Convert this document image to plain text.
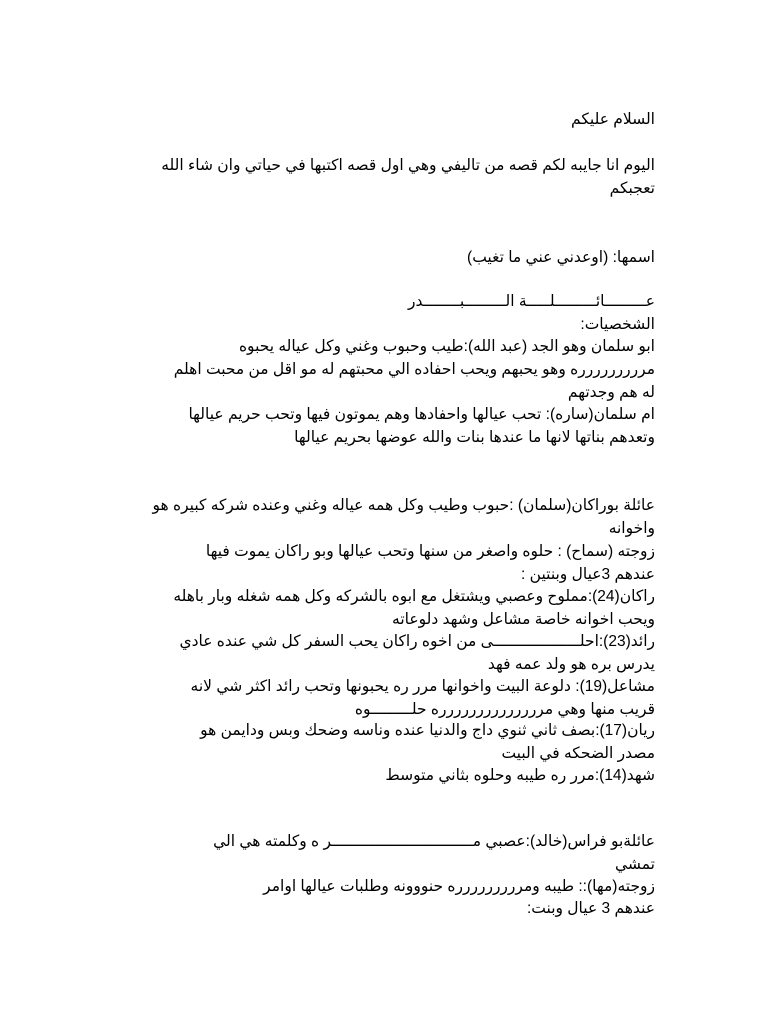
السلام عليكم
اليوم انا جايبه لكم قصه من تاليفي وهي اول قصه اكتبها في حياتي وان شاء الله
تعجبكم
اسمها: (اوعدني عني ما تغيب)
عـــــــــائـــــــــلـــــة الـــــــــبــــــــدر
الشخصيات:
ابو سلمان وهو الجد (عبد الله):طيب وحبوب وغني وكل عياله يحبوه
مررررررررره وهو يحبهم ويحب احفاده الي محبتهم له مو اقل من محبت اهلم
له هم وجدتهم
ام سلمان(ساره): تحب عيالها واحفادها وهم يموتون فيها وتحب حريم عيالها
وتعدهم بناتها لانها ما عندها بنات والله عوضها بحريم عيالها
عائلة بوراكان(سلمان) :حبوب وطيب وكل همه عياله وغني وعنده شركه كبيره هو
واخوانه
زوجته (سماح) : حلوه واصغر من سنها وتحب عيالها وبو راكان يموت فيها
عندهم 3عيال وبنتين :
راكان(24):مملوح وعصبي ويشتغل مع ابوه بالشركه وكل همه شغله وبار باهله
ويحب اخوانه خاصة مشاعل وشهد دلوعاته
رائد(23):احلـــــــــــــــــــى من اخوه راكان يحب السفر كل شي عنده عادي
يدرس بره هو ولد عمه فهد
مشاعل(19): دلوعة البيت واخوانها مرر ره يحبونها وتحب رائد اكثر شي لانه
قريب منها وهي مرررررررررررررره حلـــــــــوه
ريان(17):بصف ثاني ثنوي داج والدنيا عنده وناسه وضحك وبس ودايمن هو
مصدر الضحكه في البيت
شهد(14):مرر ره طيبه وحلوه بثاني متوسط
عائلةبو فراس(خالد):عصبي مـــــــــــــــــــــــــــــــر ه وكلمته هي الي
تمشي
زوجته(مها):: طيبه ومررررررررره حنووونه وطلبات عيالها اوامر
عندهم 3 عيال وبنت:
